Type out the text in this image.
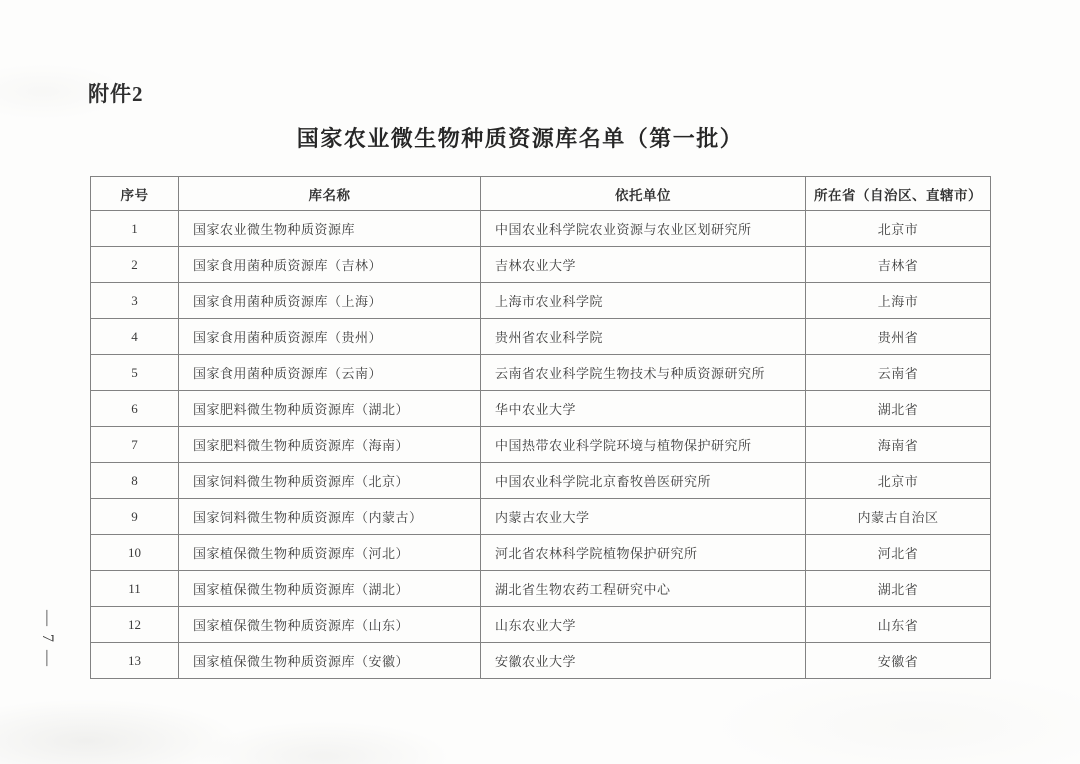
附件2
国家农业微生物种质资源库名单（第一批）
序号	库名称	依托单位	所在省（自治区、直辖市）
1	国家农业微生物种质资源库	中国农业科学院农业资源与农业区划研究所	北京市
2	国家食用菌种质资源库（吉林）	吉林农业大学	吉林省
3	国家食用菌种质资源库（上海）	上海市农业科学院	上海市
4	国家食用菌种质资源库（贵州）	贵州省农业科学院	贵州省
5	国家食用菌种质资源库（云南）	云南省农业科学院生物技术与种质资源研究所	云南省
6	国家肥料微生物种质资源库（湖北）	华中农业大学	湖北省
7	国家肥料微生物种质资源库（海南）	中国热带农业科学院环境与植物保护研究所	海南省
8	国家饲料微生物种质资源库（北京）	中国农业科学院北京畜牧兽医研究所	北京市
9	国家饲料微生物种质资源库（内蒙古）	内蒙古农业大学	内蒙古自治区
10	国家植保微生物种质资源库（河北）	河北省农林科学院植物保护研究所	河北省
11	国家植保微生物种质资源库（湖北）	湖北省生物农药工程研究中心	湖北省
12	国家植保微生物种质资源库（山东）	山东农业大学	山东省
13	国家植保微生物种质资源库（安徽）	安徽农业大学	安徽省
— 7 —
